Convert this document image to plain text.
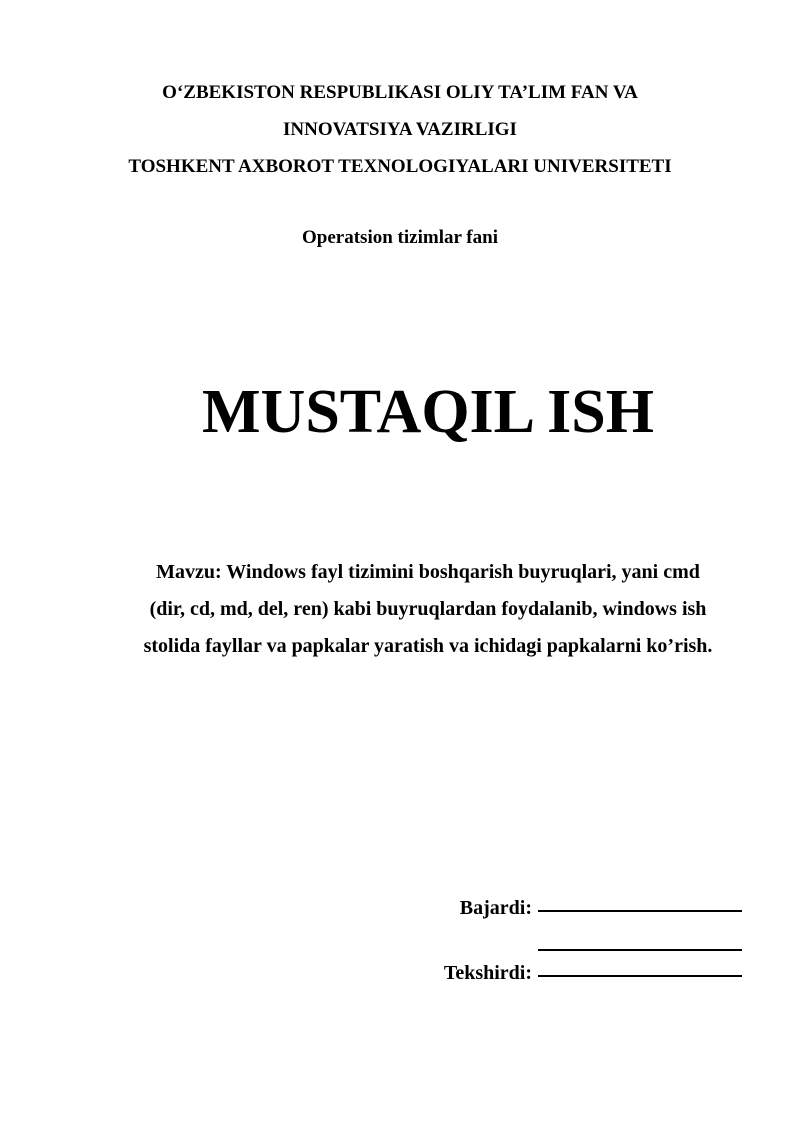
O‘ZBEKISTON RESPUBLIKASI OLIY TA’LIM FAN VA
INNOVATSIYA VAZIRLIGI
TOSHKENT AXBOROT TEXNOLOGIYALARI UNIVERSITETI
Operatsion tizimlar fani
MUSTAQIL ISH
Mavzu: Windows fayl tizimini boshqarish buyruqlari, yani cmd
(dir, cd, md, del, ren) kabi buyruqlardan foydalanib, windows ish
stolida fayllar va papkalar yaratish va ichidagi papkalarni ko’rish.
Bajardi:
Tekshirdi:
